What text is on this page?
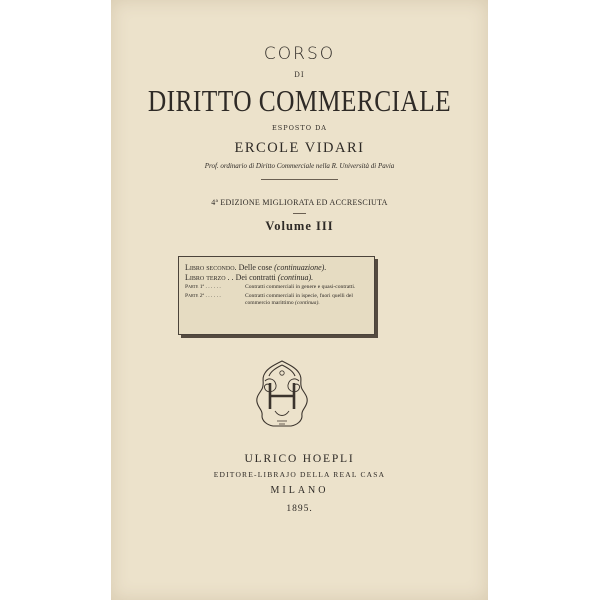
CORSO
DI
DIRITTO COMMERCIALE
ESPOSTO DA
ERCOLE VIDARI
Prof. ordinario di Diritto Commerciale nella R. Università di Pavia
4ª EDIZIONE MIGLIORATA ED ACCRESCIUTA
Volume III
Libro secondo. Delle cose (continuazione).
Libro terzo . . Dei contratti (continua).
Parte 1ª . . . . . .	Contratti commerciali in genere e quasi-contratti.
Parte 2ª . . . . . .	Contratti commerciali in ispecie, fuori quelli del commercio marittimo (continua).
ULRICO HOEPLI
EDITORE-LIBRAJO DELLA REAL CASA
MILANO
1895.
